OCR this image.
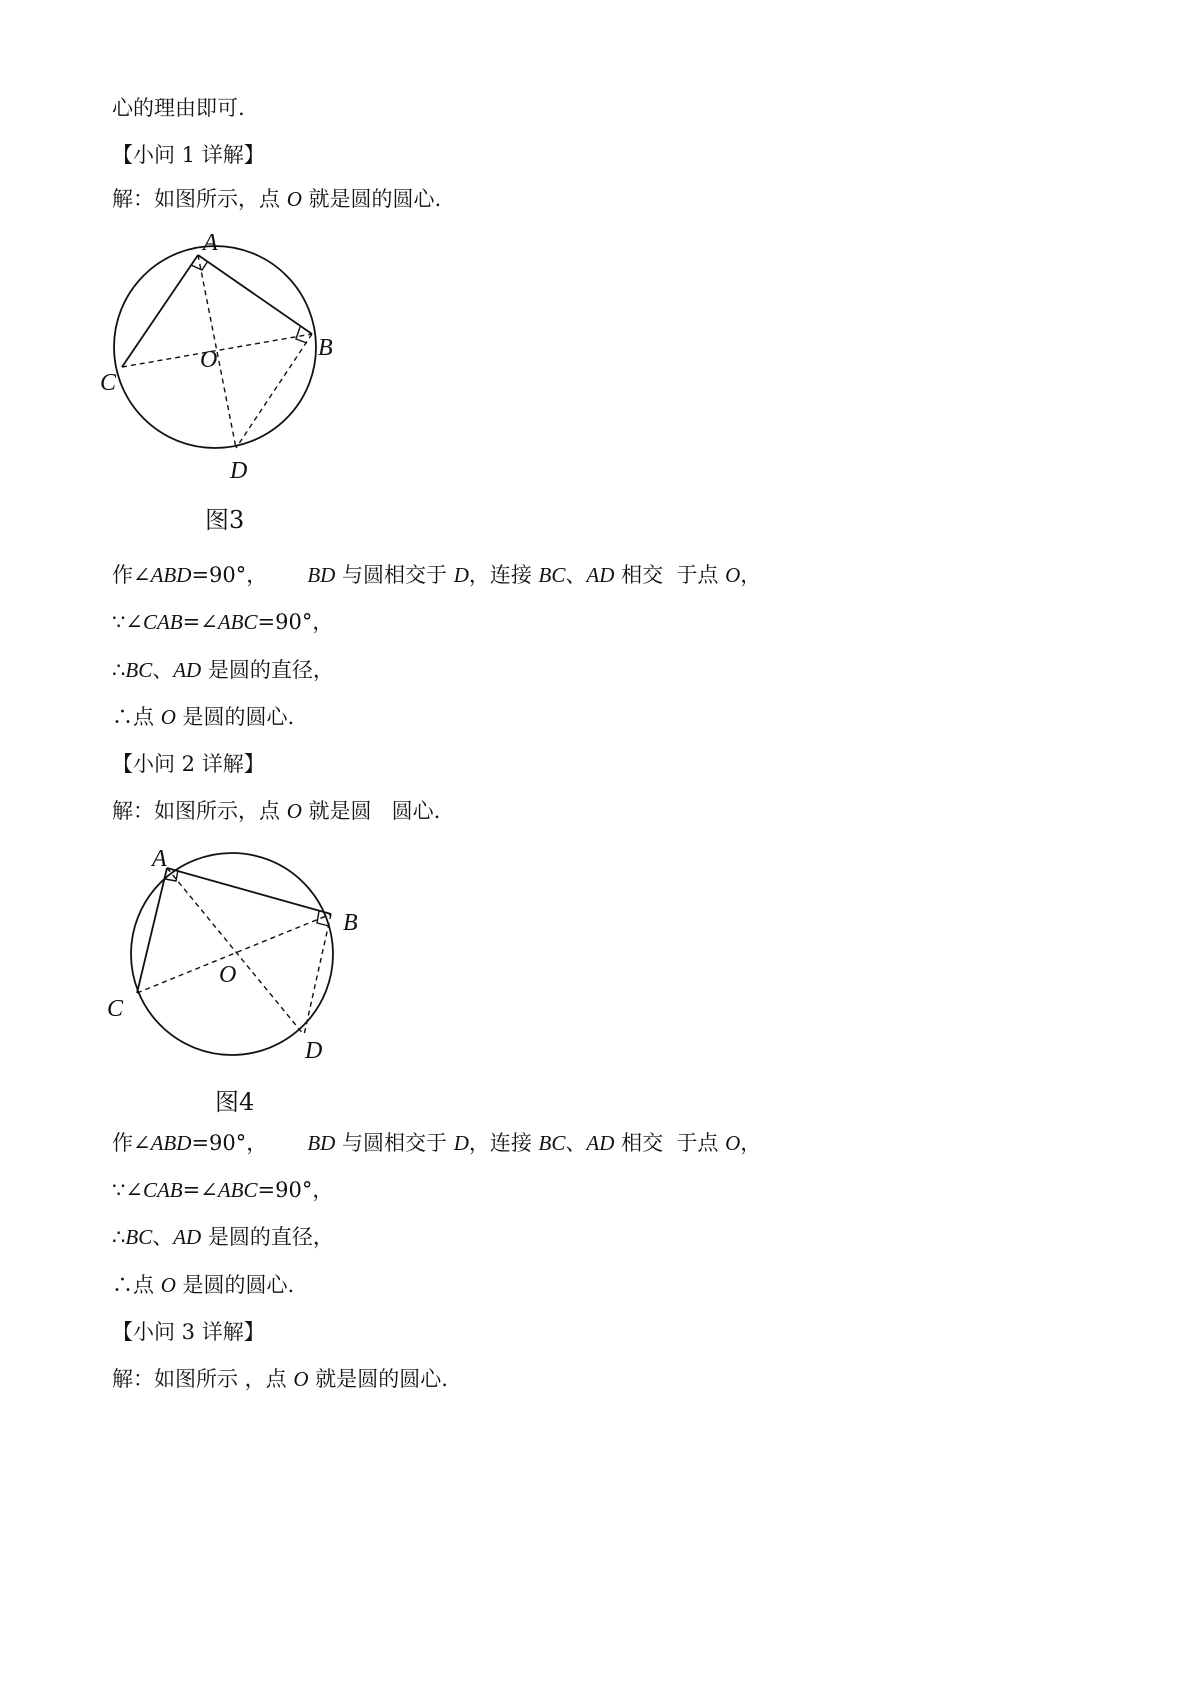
心的理由即可.
【小问 1 详解】
解：如图所示，点 O 就是圆的圆心.
A
B
C
D
O
图3
作∠ABD=90°， BD 与圆相交于 D，连接 BC、AD 相交  于点 O，
∵∠CAB=∠ABC=90°，
∴BC、AD 是圆的直径，
∴点 O 是圆的圆心.
【小问 2 详解】
解：如图所示，点 O 就是圆   圆心.
A
B
C
D
O
图4
作∠ABD=90°， BD 与圆相交于 D，连接 BC、AD 相交  于点 O，
∵∠CAB=∠ABC=90°，
∴BC、AD 是圆的直径，
∴点 O 是圆的圆心.
【小问 3 详解】
解：如图所示 ，点 O 就是圆的圆心.
